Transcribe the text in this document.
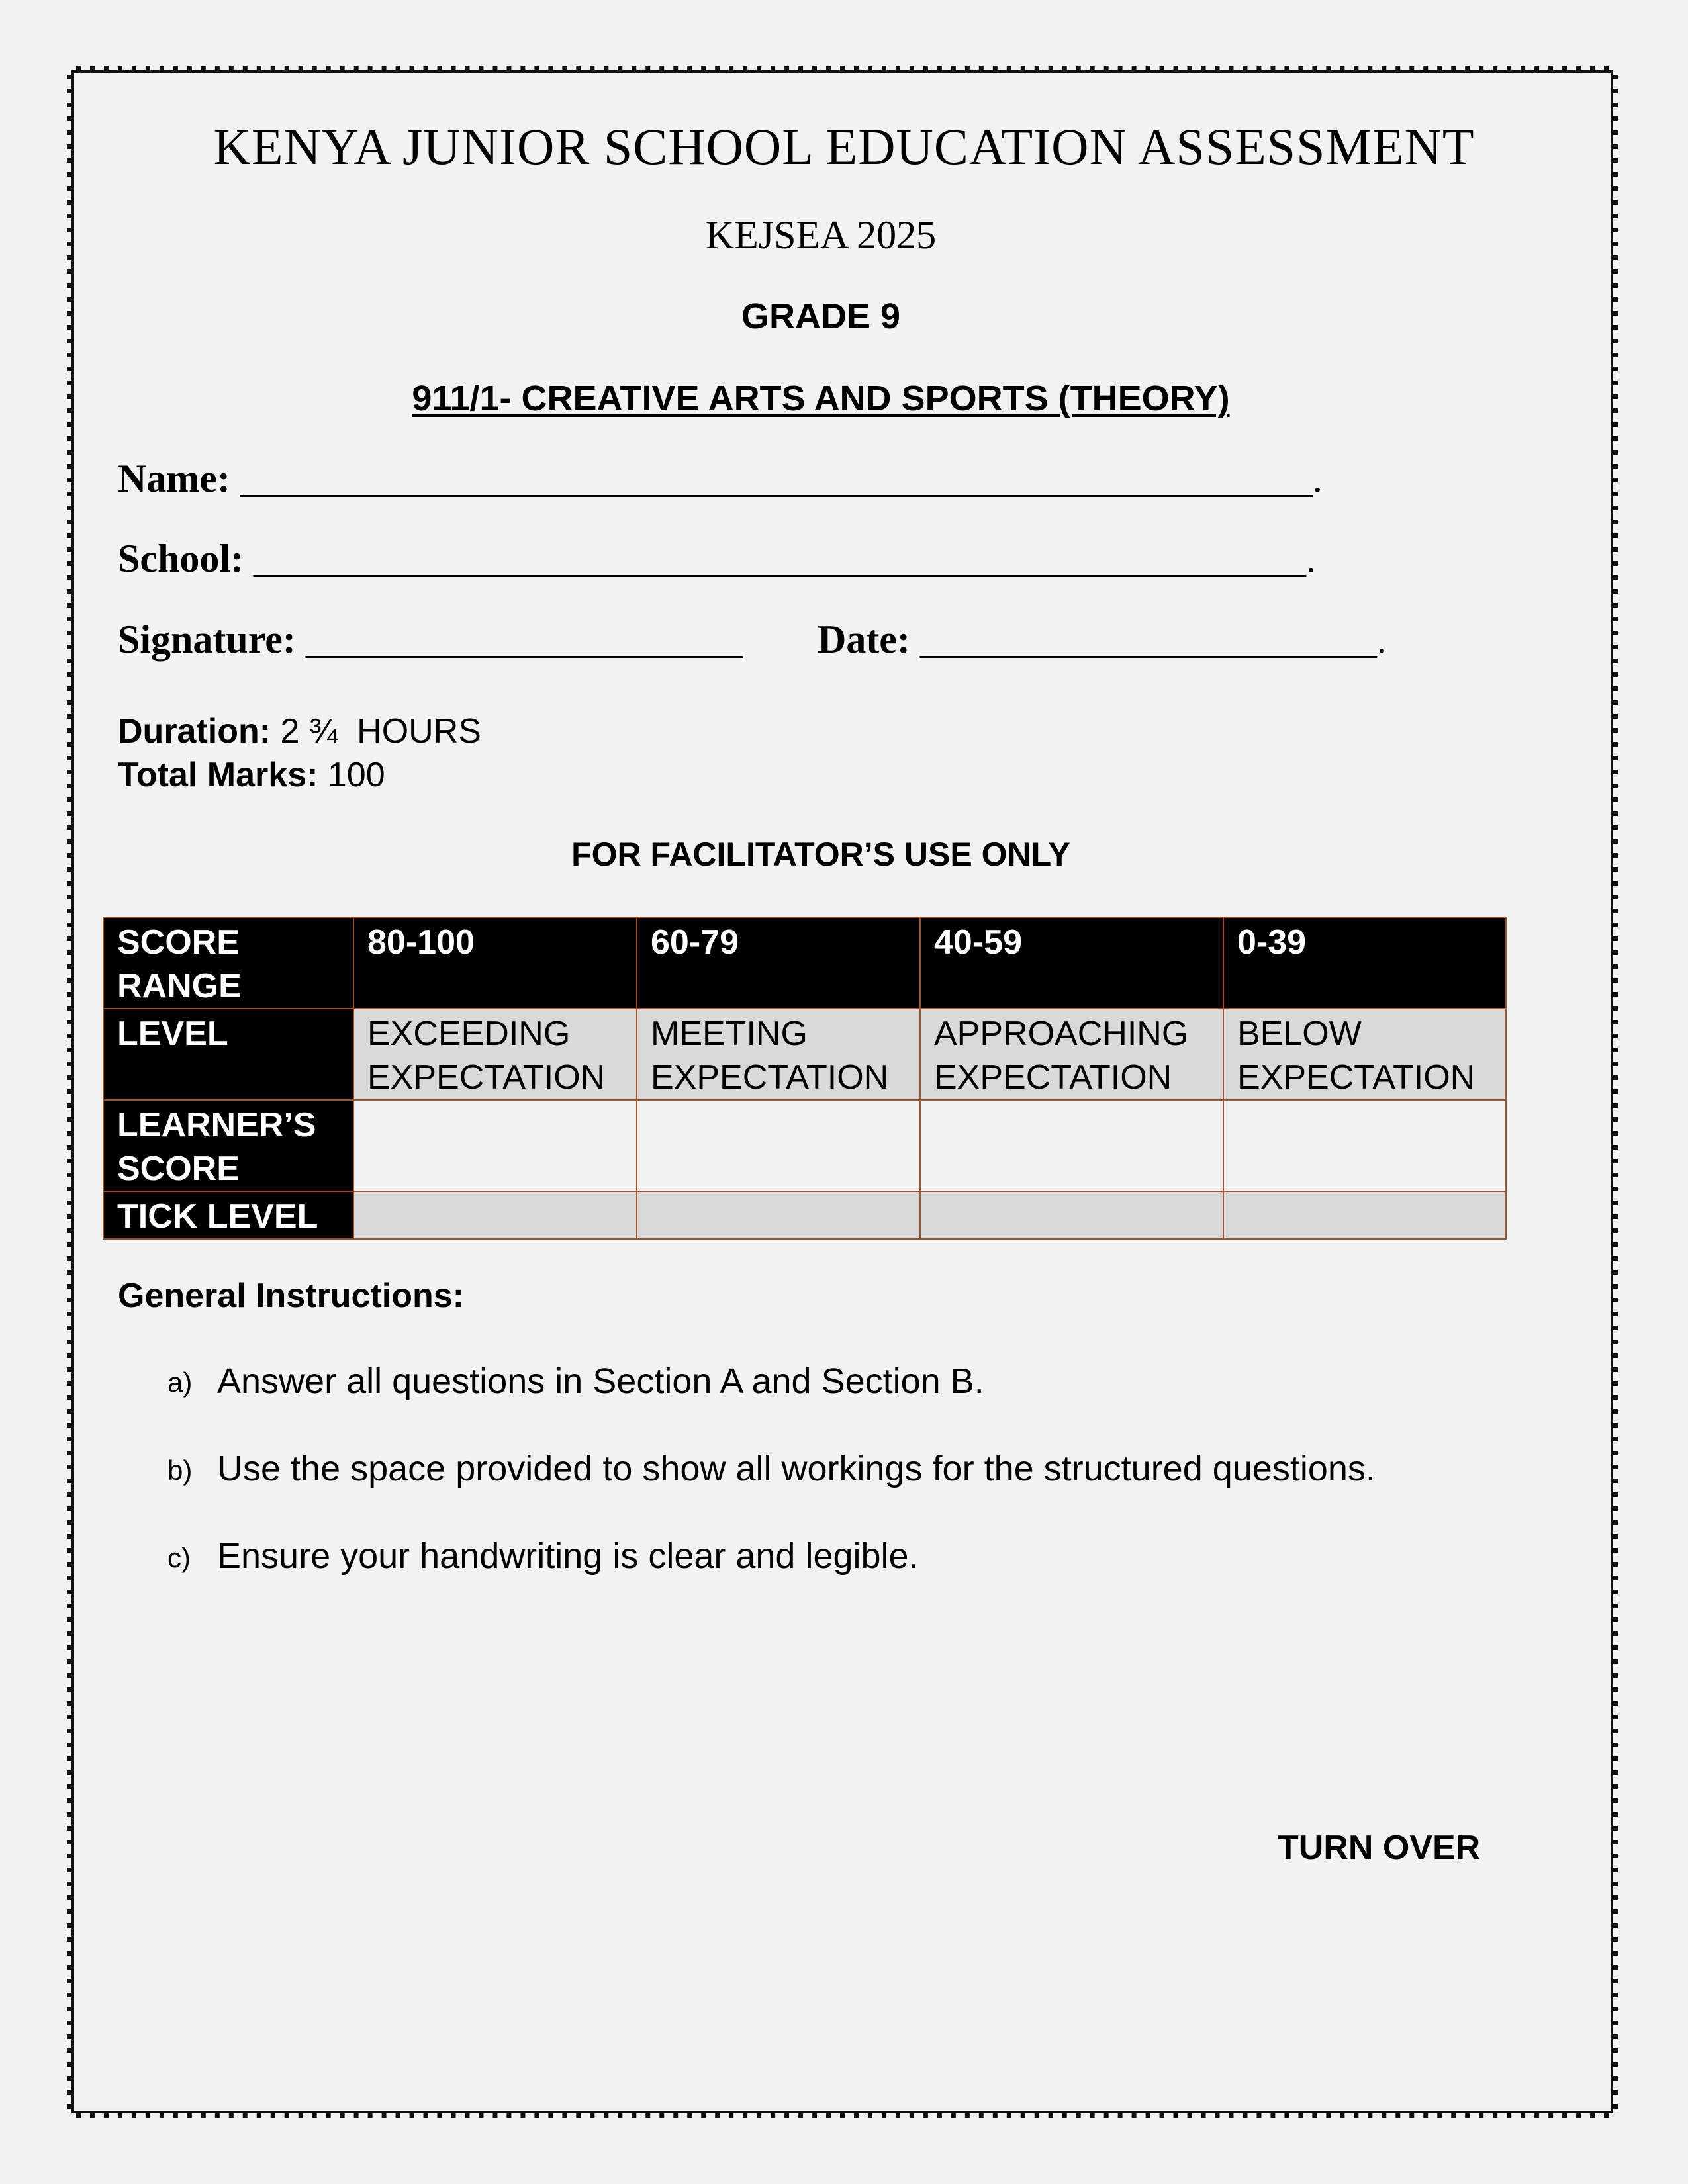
KENYA JUNIOR SCHOOL EDUCATION ASSESSMENT
KEJSEA 2025
GRADE 9
911/1- CREATIVE ARTS AND SPORTS (THEORY)
Name: ______________________________________________________.
School: _____________________________________________________.
Signature: ______________________ Date: _______________________.
Duration: 2 ¾  HOURS
Total Marks: 100
FOR FACILITATOR’S USE ONLY
SCORE RANGE	80-100	60-79	40-59	0-39
LEVEL	EXCEEDING EXPECTATION	MEETING EXPECTATION	APPROACHING EXPECTATION	BELOW EXPECTATION
LEARNER’S SCORE				
TICK LEVEL				
General Instructions:
a) Answer all questions in Section A and Section B.
b) Use the space provided to show all workings for the structured questions.
c) Ensure your handwriting is clear and legible.
TURN OVER
